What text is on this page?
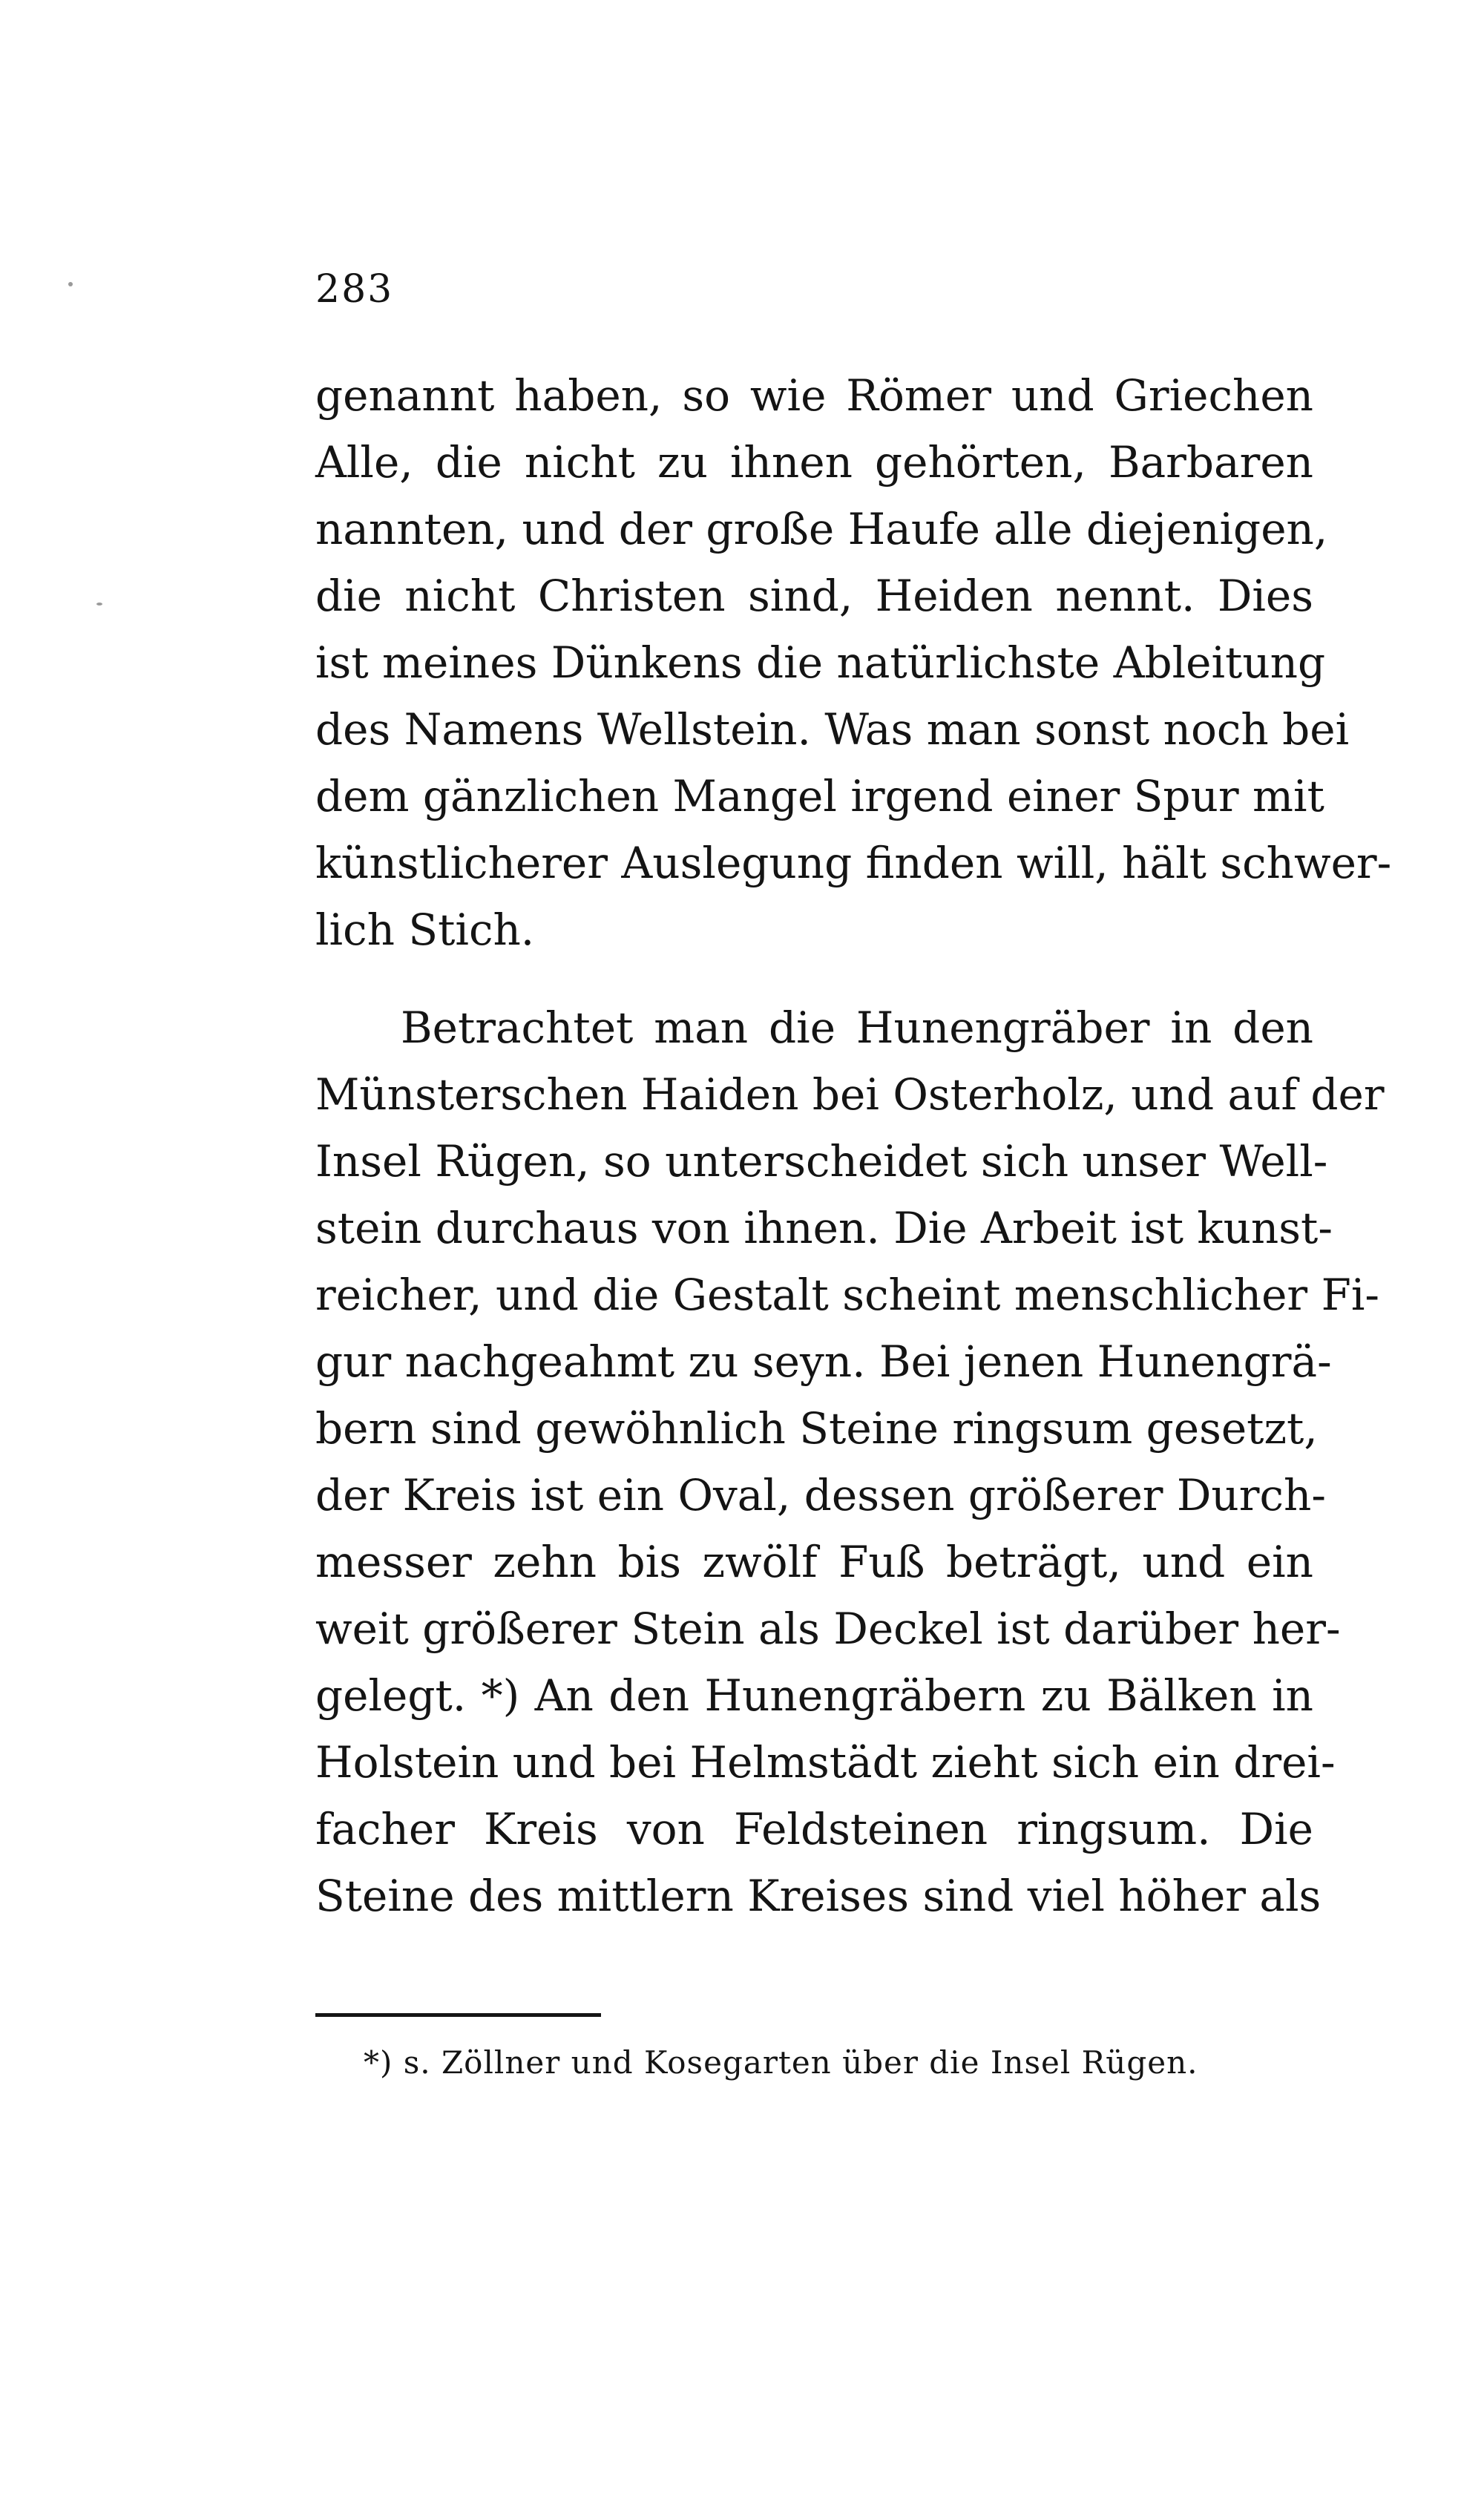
283
genannt haben, so wie Römer und Griechen
Alle, die nicht zu ihnen gehörten, Barbaren
nannten, und der große Haufe alle diejenigen,
die nicht Christen sind, Heiden nennt. Dies
ist meines Dünkens die natürlichste Ableitung
des Namens Wellstein. Was man sonst noch bei
dem gänzlichen Mangel irgend einer Spur mit
künstlicherer Auslegung finden will, hält schwer-
lich Stich.
Betrachtet man die Hunengräber in den
Münsterschen Haiden bei Osterholz, und auf der
Insel Rügen, so unterscheidet sich unser Well-
stein durchaus von ihnen. Die Arbeit ist kunst-
reicher, und die Gestalt scheint menschlicher Fi-
gur nachgeahmt zu seyn. Bei jenen Hunengrä-
bern sind gewöhnlich Steine ringsum gesetzt,
der Kreis ist ein Oval, dessen größerer Durch-
messer zehn bis zwölf Fuß beträgt, und ein
weit größerer Stein als Deckel ist darüber her-
gelegt. *) An den Hunengräbern zu Bälken in
Holstein und bei Helmstädt zieht sich ein drei-
facher Kreis von Feldsteinen ringsum. Die
Steine des mittlern Kreises sind viel höher als
*) s. Zöllner und Kosegarten über die Insel Rügen.
